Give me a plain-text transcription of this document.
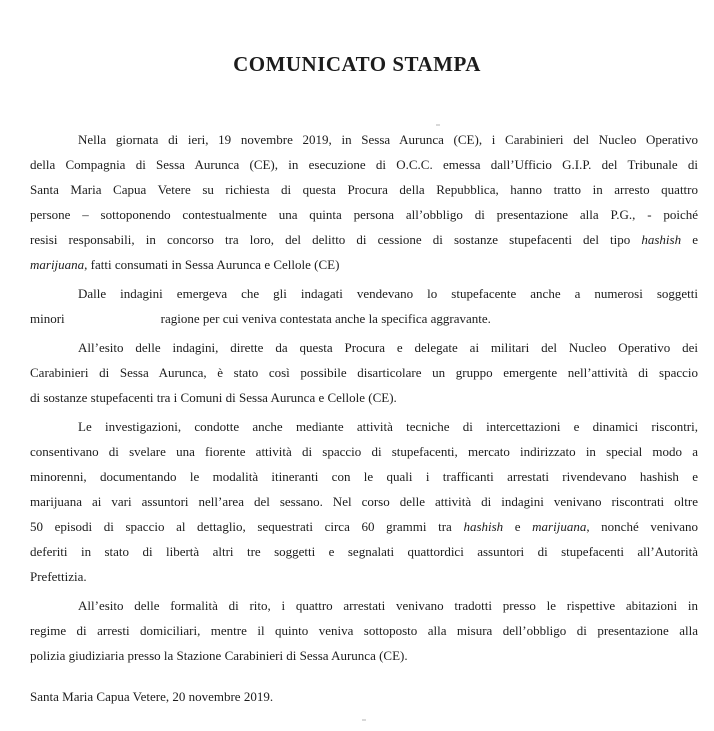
COMUNICATO STAMPA
Nella giornata di ieri, 19 novembre 2019, in Sessa Aurunca (CE), i Carabinieri del Nucleo Operativo
della Compagnia di Sessa Aurunca (CE), in esecuzione di O.C.C. emessa dall’Ufficio G.I.P. del Tribunale di
Santa Maria Capua Vetere su richiesta di questa Procura della Repubblica, hanno tratto in arresto quattro
persone – sottoponendo contestualmente una quinta persona all’obbligo di presentazione alla P.G., - poiché
resisi responsabili, in concorso tra loro, del delitto di cessione di sostanze stupefacenti del tipo hashish e
marijuana, fatti consumati in Sessa Aurunca e Cellole (CE)
Dalle indagini emergeva che gli indagati vendevano lo stupefacente anche a numerosi soggetti
minori	ragione per cui veniva contestata anche la specifica aggravante.
All’esito delle indagini, dirette da questa Procura e delegate ai militari del Nucleo Operativo dei
Carabinieri di Sessa Aurunca, è stato così possibile disarticolare un gruppo emergente nell’attività di spaccio
di sostanze stupefacenti tra i Comuni di Sessa Aurunca e Cellole (CE).
Le investigazioni, condotte anche mediante attività tecniche di intercettazioni e dinamici riscontri,
consentivano di svelare una fiorente attività di spaccio di stupefacenti, mercato indirizzato in special modo a
minorenni, documentando le modalità itineranti con le quali i trafficanti arrestati rivendevano hashish e
marijuana ai vari assuntori nell’area del sessano. Nel corso delle attività di indagini venivano riscontrati oltre
50 episodi di spaccio al dettaglio, sequestrati circa 60 grammi tra hashish e marijuana, nonché venivano
deferiti in stato di libertà altri tre soggetti e segnalati quattordici assuntori di stupefacenti all’Autorità
Prefettizia.
All’esito delle formalità di rito, i quattro arrestati venivano tradotti presso le rispettive abitazioni in
regime di arresti domiciliari, mentre il quinto veniva sottoposto alla misura dell’obbligo di presentazione alla
polizia giudiziaria presso la Stazione Carabinieri di Sessa Aurunca (CE).
Santa Maria Capua Vetere, 20 novembre 2019.
